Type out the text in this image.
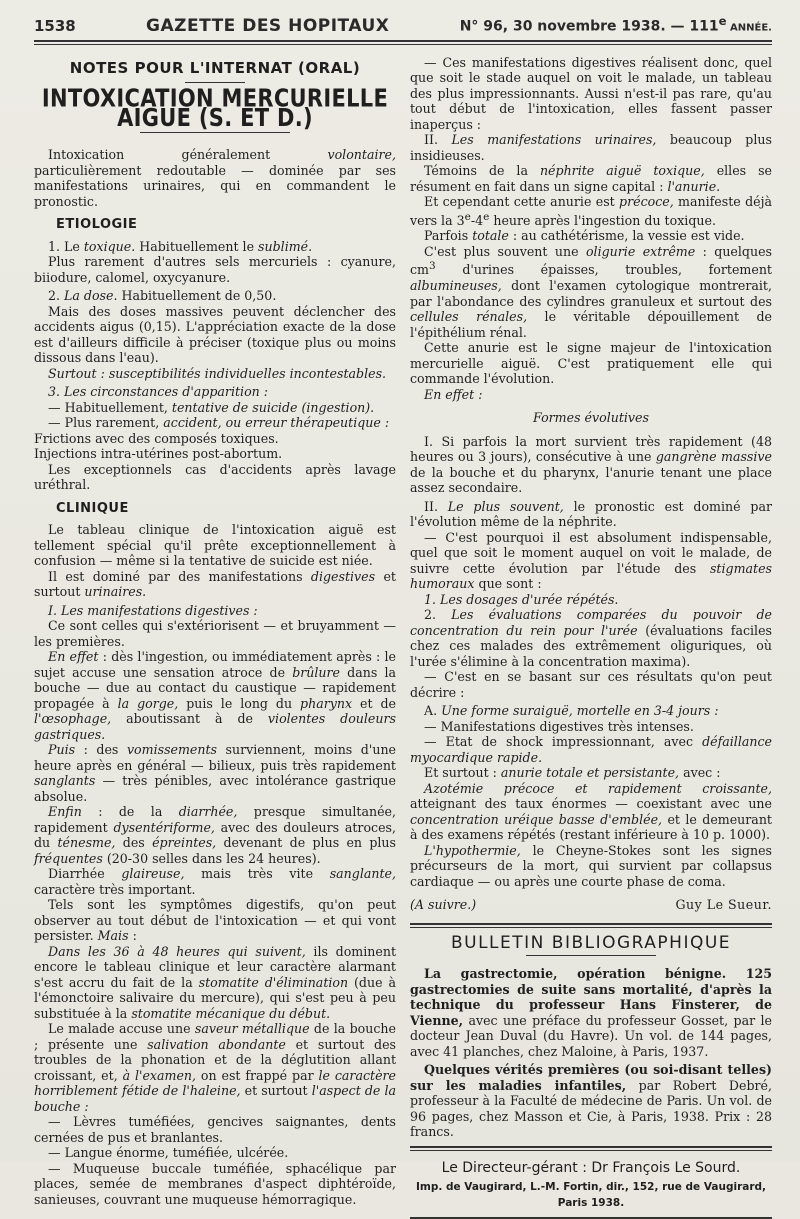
1538	GAZETTE DES HOPITAUX	N° 96, 30 novembre 1938. — 111e ANNÉE.
NOTES POUR L'INTERNAT (ORAL)
INTOXICATION MERCURIELLE AIGUE (S. ET D.)

Intoxication généralement	volontaire, particulièrement redoutable — dominée par ses manifestations urinaires, qui en commandent le pronostic.

ETIOLOGIE

1. Le toxique. Habituellement le sublimé.

Plus rarement d'autres sels mercuriels : cyanure, biiodure, calomel, oxycyanure.

2. La dose. Habituellement de 0,50.

Mais des doses massives peuvent déclencher des accidents aigus (0,15). L'appréciation exacte de la dose est d'ailleurs difficile à préciser (toxique plus ou moins dissous dans l'eau).

Surtout : susceptibilités individuelles incontestables.

3. Les circonstances d'apparition :

— Habituellement, tentative de suicide (ingestion).

— Plus rarement, accident, ou erreur thérapeutique :

Frictions avec des composés toxiques.

Injections intra-utérines post-abortum.

Les exceptionnels cas d'accidents après lavage uréthral.

CLINIQUE

Le tableau clinique de l'intoxication aiguë est tellement spécial qu'il prête exceptionnellement à confusion — même si la tentative de suicide est niée.

Il est dominé par des manifestations digestives et surtout urinaires.

I. Les manifestations digestives :

Ce sont celles qui s'extériorisent — et bruyamment — les premières.

En effet : dès l'ingestion, ou immédiatement après : le sujet accuse une sensation atroce de brûlure dans la bouche — due au contact du caustique — rapidement propagée à la gorge, puis le long du pharynx et de l'œsophage, aboutissant à de violentes douleurs gastriques.

Puis : des vomissements surviennent, moins d'une heure après en général — bilieux, puis très rapidement sanglants — très pénibles, avec intolérance gastrique absolue.

Enfin : de la diarrhée, presque simultanée, rapidement dysentériforme, avec des douleurs atroces, du ténesme, des épreintes, devenant de plus en plus fréquentes (20-30 selles dans les 24 heures).

Diarrhée glaireuse, mais très vite sanglante, caractère très important.

Tels sont les symptômes digestifs, qu'on peut observer au tout début de l'intoxication — et qui vont persister. Mais :

Dans les 36 à 48 heures qui suivent, ils dominent encore le tableau clinique et leur caractère alarmant s'est accru du fait de la stomatite d'élimination (due à l'émonctoire salivaire du mercure), qui s'est peu à peu substituée à la stomatite mécanique du début.

Le malade accuse une saveur métallique de la bouche ; présente une salivation abondante et surtout des troubles de la phonation et de la déglutition allant croissant, et, à l'examen, on est frappé par le caractère horriblement fétide de l'haleine, et surtout l'aspect de la bouche :

— Lèvres tuméfiées, gencives saignantes, dents cernées de pus et branlantes.

— Langue énorme, tuméfiée, ulcérée.

— Muqueuse buccale tuméfiée, sphacélique par places, semée de membranes d'aspect diphtéroïde, sanieuses, couvrant une muqueuse hémorragique.

— Ces manifestations digestives réalisent donc, quel que soit le stade auquel on voit le malade, un tableau des plus impressionnants. Aussi n'est-il pas rare, qu'au tout début de l'intoxication, elles fassent passer inaperçus :

II. Les manifestations urinaires, beaucoup plus insidieuses.

Témoins de la néphrite aiguë toxique, elles se résument en fait dans un signe capital : l'anurie.

Et cependant cette anurie est précoce, manifeste déjà vers la 3e-4e heure après l'ingestion du toxique.

Parfois totale : au cathétérisme, la vessie est vide.

C'est plus souvent une oligurie extrême : quelques $cm^3$ d'urines épaisses, troubles, fortement albumineuses, dont l'examen cytologique montrerait, par l'abondance des cylindres granuleux et surtout des cellules rénales, le véritable dépouillement de l'épithélium rénal.

Cette anurie est le signe majeur de l'intoxication mercurielle aiguë. C'est pratiquement elle qui commande l'évolution.

En effet :

Formes évolutives

I. Si parfois la mort survient très rapidement (48 heures ou 3 jours), consécutive à une gangrène massive de la bouche et du pharynx, l'anurie tenant une place assez secondaire.

II. Le plus souvent, le pronostic est dominé par l'évolution même de la néphrite.

— C'est pourquoi il est absolument indispensable, quel que soit le moment auquel on voit le malade, de suivre cette évolution par l'étude des stigmates humoraux que sont :

1. Les dosages d'urée répétés.

2. Les évaluations comparées du pouvoir de concentration du rein pour l'urée (évaluations faciles chez ces malades des extrêmement oliguriques, où l'urée s'élimine à la concentration maxima).

— C'est en se basant sur ces résultats qu'on peut décrire :

A. Une forme suraiguë, mortelle en 3-4 jours :

— Manifestations digestives très intenses.

— Etat de shock impressionnant, avec défaillance myocardique rapide.

Et surtout : anurie totale et persistante, avec :

Azotémie précoce et rapidement croissante, atteignant des taux énormes — coexistant avec une concentration uréique basse d'emblée, et le demeurant à des examens répétés (restant inférieure à 10 p. 1000).

L'hypothermie, le Cheyne-Stokes sont les signes précurseurs de la mort, qui survient par collapsus cardiaque — ou après une courte phase de coma.

(A suivre.)	Guy Le Sueur.
BULLETIN BIBLIOGRAPHIQUE

La gastrectomie, opération bénigne. 125 gastrectomies de suite sans mortalité, d'après la technique du professeur Hans Finsterer, de Vienne, avec une préface du professeur Gosset, par le docteur Jean Duval (du Havre). Un vol. de 144 pages, avec 41 planches, chez Maloine, à Paris, 1937.

Quelques vérités premières (ou soi-disant telles) sur les maladies infantiles, par Robert Debré, professeur à la Faculté de médecine de Paris. Un vol. de 96 pages, chez Masson et Cie, à Paris, 1938. Prix : 28 francs.

Le Directeur-gérant : Dr François Le Sourd.
Imp. de Vaugirard, L.-M. Fortin, dir., 152, rue de Vaugirard, Paris 1938.
